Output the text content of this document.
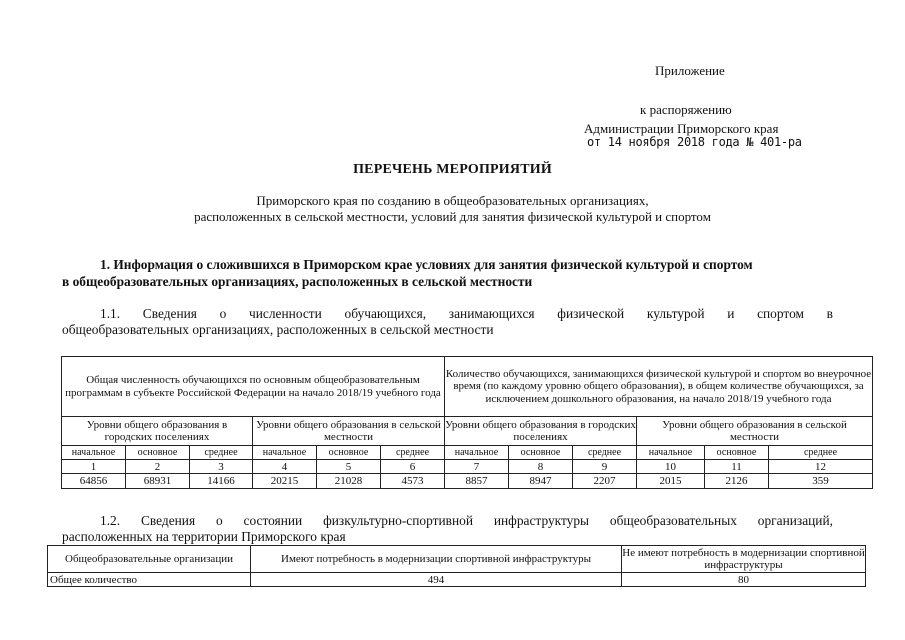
Приложение
к распоряжению
Администрации Приморского края
от 14 ноября 2018 года № 401-ра
ПЕРЕЧЕНЬ МЕРОПРИЯТИЙ
Приморского края по созданию в общеобразовательных организациях,
расположенных в сельской местности, условий для занятия физической культурой и спортом
1. Информация о сложившихся в Приморском крае условиях для занятия физической культурой и спортом
в общеобразовательных организациях, расположенных в сельской местности
1.1. Сведения о численности обучающихся, занимающихся физической культурой и спортом в
общеобразовательных организациях, расположенных в сельской местности
Общая численность обучающихся по основным общеобразовательным программам в субъекте Российской Федерации на начало 2018/19 учебного года						Количество обучающихся, занимающихся физической культурой и спортом во внеурочное время (по каждому уровню общего образования), в общем количестве обучающихся, за исключением дошкольного образования, на начало 2018/19 учебного года					
Уровни общего образования в городских поселениях			Уровни общего образования в сельской местности			Уровни общего образования в городских поселениях			Уровни общего образования в сельской местности		
начальное	основное	среднее	начальное	основное	среднее	начальное	основное	среднее	начальное	основное	среднее
1	2	3	4	5	6	7	8	9	10	11	12
64856	68931	14166	20215	21028	4573	8857	8947	2207	2015	2126	359
1.2. Сведения о состоянии физкультурно-спортивной инфраструктуры общеобразовательных организаций,
расположенных на территории Приморского края
Общеобразовательные организации	Имеют потребность в модернизации спортивной инфраструктуры	Не имеют потребность в модернизации спортивной инфраструктуры
Общее количество	494	80
